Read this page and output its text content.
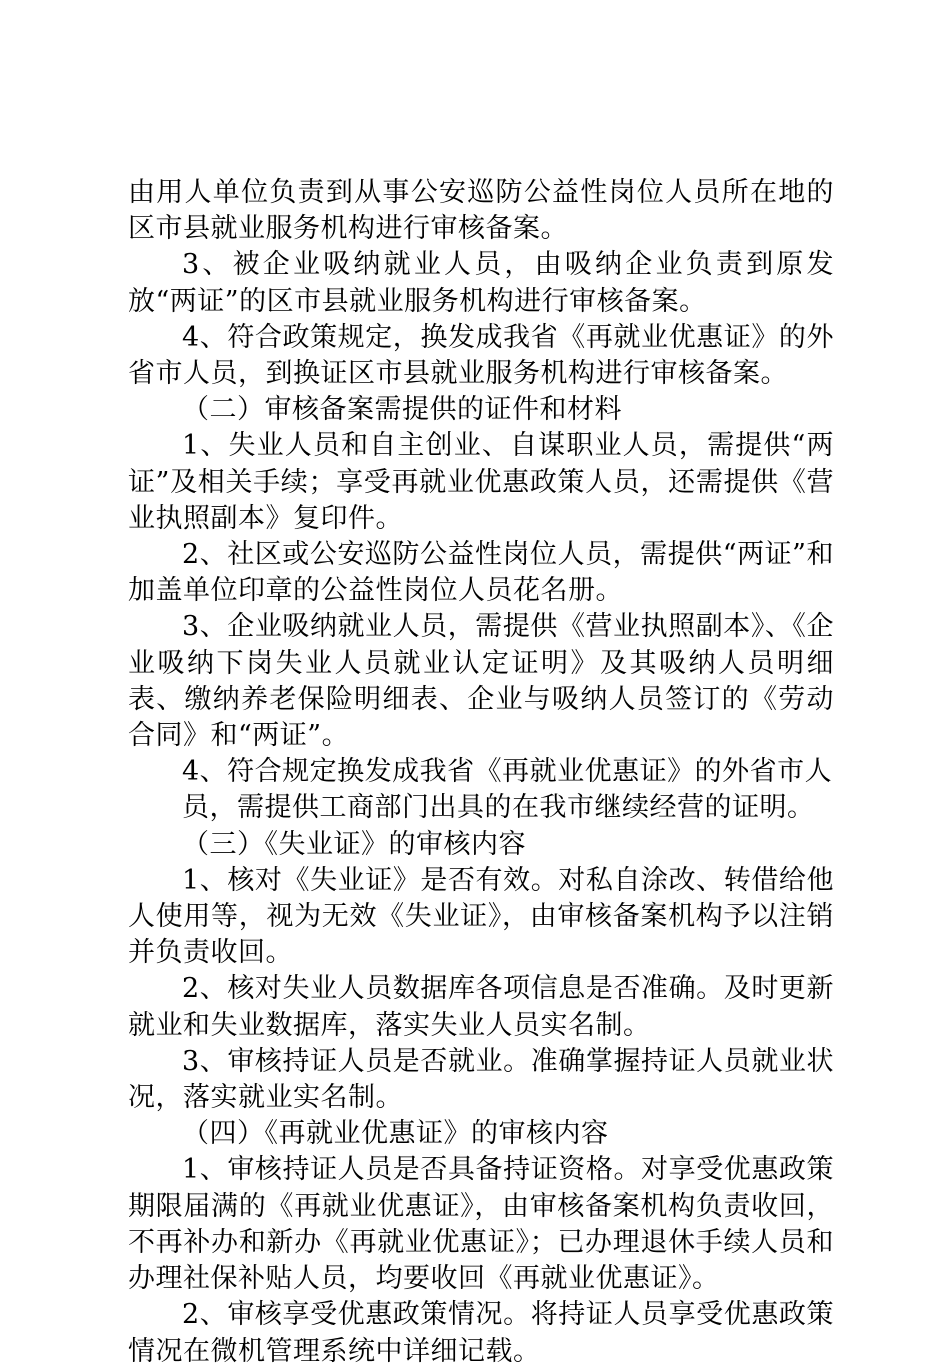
由用人单位负责到从事公安巡防公益性岗位人员所在地的区市县就业服务机构进行审核备案。

3、被企业吸纳就业人员，由吸纳企业负责到原发放“两证”的区市县就业服务机构进行审核备案。

4、符合政策规定，换发成我省《再就业优惠证》的外省市人员，到换证区市县就业服务机构进行审核备案。

（二）审核备案需提供的证件和材料

1、失业人员和自主创业、自谋职业人员，需提供“两证”及相关手续；享受再就业优惠政策人员，还需提供《营业执照副本》复印件。

2、社区或公安巡防公益性岗位人员，需提供“两证”和加盖单位印章的公益性岗位人员花名册。

3、企业吸纳就业人员，需提供《营业执照副本》、《企业吸纳下岗失业人员就业认定证明》及其吸纳人员明细表、缴纳养老保险明细表、企业与吸纳人员签订的《劳动合同》和“两证”。

4、符合规定换发成我省《再就业优惠证》的外省市人

员，需提供工商部门出具的在我市继续经营的证明。

（三）《失业证》的审核内容

1、核对《失业证》是否有效。对私自涂改、转借给他人使用等，视为无效《失业证》，由审核备案机构予以注销并负责收回。

2、核对失业人员数据库各项信息是否准确。及时更新就业和失业数据库，落实失业人员实名制。

3、审核持证人员是否就业。准确掌握持证人员就业状况，落实就业实名制。

（四）《再就业优惠证》的审核内容

1、审核持证人员是否具备持证资格。对享受优惠政策期限届满的《再就业优惠证》，由审核备案机构负责收回，不再补办和新办《再就业优惠证》；已办理退休手续人员和办理社保补贴人员，均要收回《再就业优惠证》。

2、审核享受优惠政策情况。将持证人员享受优惠政策情况在微机管理系统中详细记载。
